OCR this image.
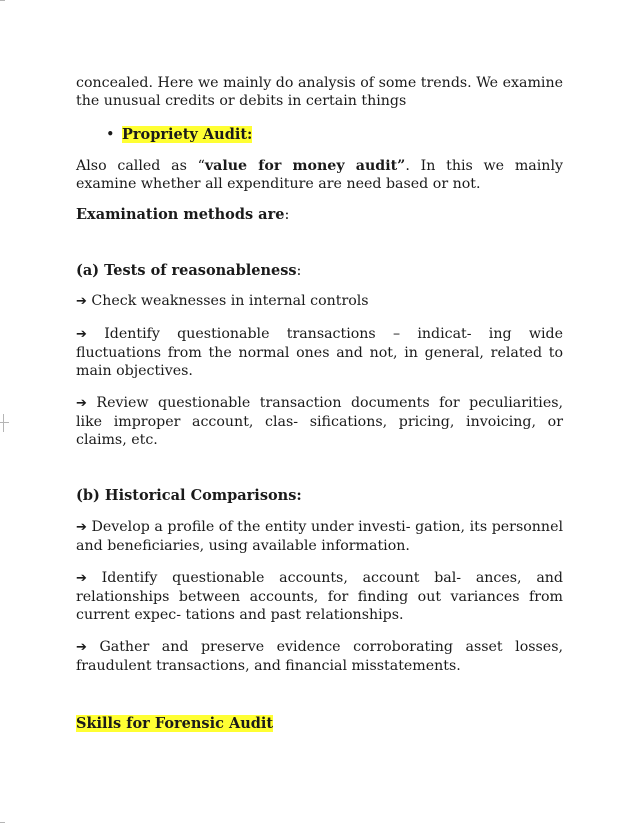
concealed. Here we mainly do analysis of some trends. We examine the unusual credits or debits in certain things

• Propriety Audit:

Also called as “value for money audit”. In this we mainly examine whether all expenditure are need based or not.

Examination methods are:

(a) Tests of reasonableness:

➔ Check weaknesses in internal controls

➔ Identify questionable transactions – indicat- ing wide fluctuations from the normal ones and not, in general, related to main objectives.

➔ Review questionable transaction documents for peculiarities, like improper account, clas- sifications, pricing, invoicing, or claims, etc.

(b) Historical Comparisons:

➔ Develop a profile of the entity under investi- gation, its personnel and beneficiaries, using available information.

➔ Identify questionable accounts, account bal- ances, and relationships between accounts, for finding out variances from current expec- tations and past relationships.

➔ Gather and preserve evidence corroborating asset losses, fraudulent transactions, and financial misstatements.

Skills for Forensic Audit
